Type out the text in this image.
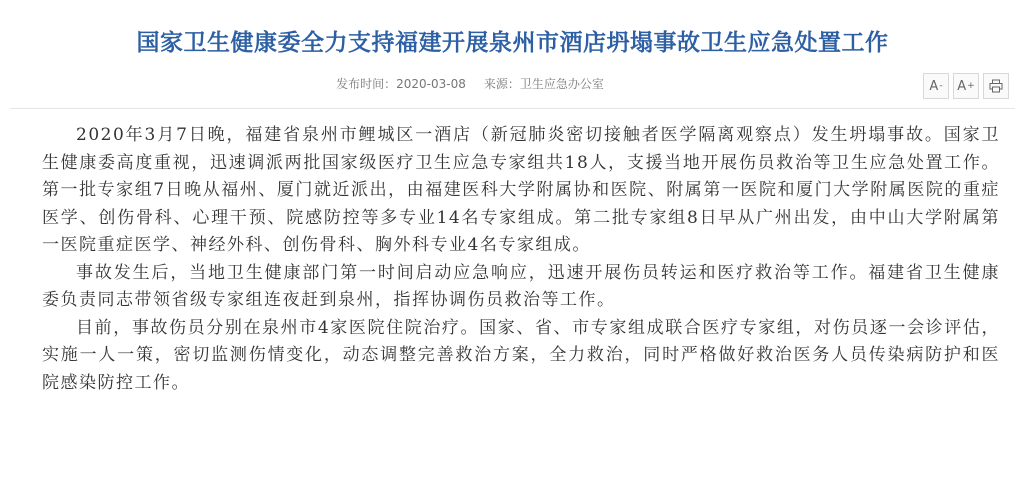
国家卫生健康委全力支持福建开展泉州市酒店坍塌事故卫生应急处置工作
发布时间：2020-03-08 来源：卫生应急办公室	A - A +

2020年3月7日晚，福建省泉州市鲤城区一酒店（新冠肺炎密切接触者医学隔离观察点）发生坍塌事故。国家卫生健康委高度重视，迅速调派两批国家级医疗卫生应急专家组共18人，支援当地开展伤员救治等卫生应急处置工作。第一批专家组7日晚从福州、厦门就近派出，由福建医科大学附属协和医院、附属第一医院和厦门大学附属医院的重症医学、创伤骨科、心理干预、院感防控等多专业14名专家组成。第二批专家组8日早从广州出发，由中山大学附属第一医院重症医学、神经外科、创伤骨科、胸外科专业4名专家组成。

事故发生后，当地卫生健康部门第一时间启动应急响应，迅速开展伤员转运和医疗救治等工作。福建省卫生健康委负责同志带领省级专家组连夜赶到泉州，指挥协调伤员救治等工作。

目前，事故伤员分别在泉州市4家医院住院治疗。国家、省、市专家组成联合医疗专家组，对伤员逐一会诊评估，实施一人一策，密切监测伤情变化，动态调整完善救治方案，全力救治，同时严格做好救治医务人员传染病防护和医院感染防控工作。
